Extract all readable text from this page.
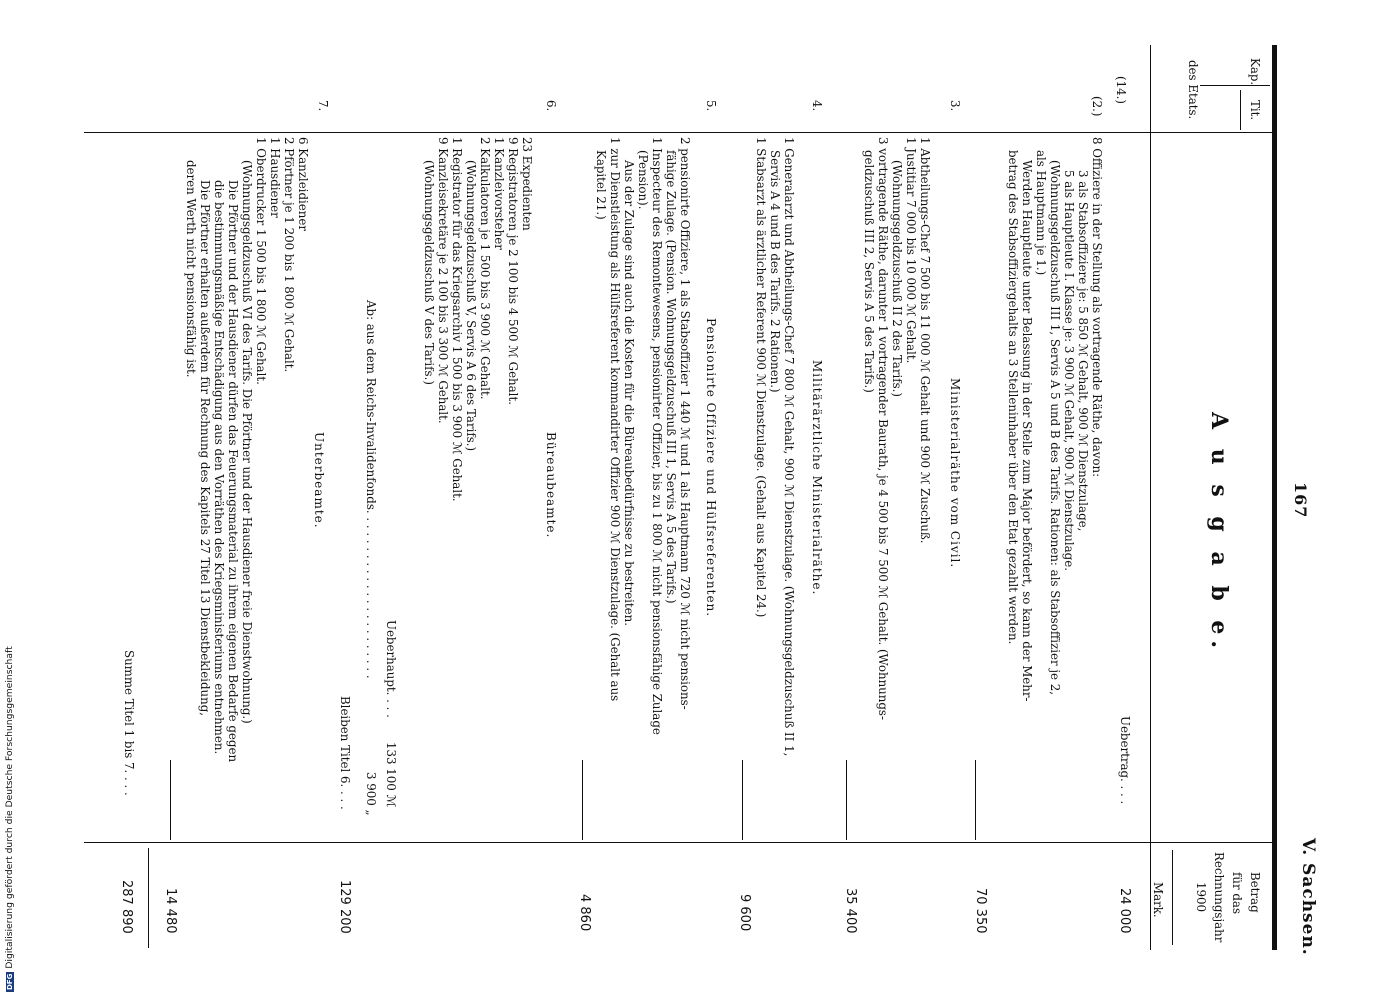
167
V. Sachsen.
A u s g a b e.
Kap.
Tit.
des Etats.
Betrag
für das
Rechnungsjahr
1900
Mark.
(14.)
(2.)
8 Offiziere in der Stellung als vortragende Räthe, davon:
3 als Stabsoffiziere je: 5 850 ℳ Gehalt, 900 ℳ Dienstzulage,
5 als Hauptleute I. Klasse je: 3 900 ℳ Gehalt, 900 ℳ Dienstzulage.
(Wohnungsgeldzuschuß III 1, Servis A 5 und B des Tarifs. Rationen: als Stabsoffizier je 2,
als Hauptmann je 1.)
Werden Hauptleute unter Belassung in der Stelle zum Major befördert, so kann der Mehr-
betrag des Stabsoffiziergehalts an 3 Stelleninhaber über den Etat gezahlt werden.
Uebertrag. . . .
24 000
70 350
3.
Ministerialräthe vom Civil.
1 Abtheilungs-Chef 7 500 bis 11 000 ℳ Gehalt und 900 ℳ Zuschuß.
1 Justitiar 7 000 bis 10 000 ℳ Gehalt.
(Wohnungsgeldzuschuß II 2 des Tarifs.)
3 vortragende Räthe, darunter 1 vortragender Baurath, je 4 500 bis 7 500 ℳ Gehalt. (Wohnungs-
geldzuschuß III 2, Servis A 5 des Tarifs.)
35 400
4.
Militärärztliche Ministerialräthe.
1 Generalarzt und Abtheilungs-Chef 7 800 ℳ Gehalt, 900 ℳ Dienstzulage. (Wohnungsgeldzuschuß II 1,
Servis A 4 und B des Tarifs. 2 Rationen.)
1 Stabsarzt als ärztlicher Referent 900 ℳ Dienstzulage. (Gehalt aus Kapitel 24.)
9 600
5.
Pensionirte Offiziere und Hülfsreferenten.
2 pensionirte Offiziere, 1 als Stabsoffizier 1 440 ℳ und 1 als Hauptmann 720 ℳ nicht pensions-
fähige Zulage. (Pension. Wohnungsgeldzuschuß III 1, Servis A 5 des Tarifs.)
1 Inspecteur des Remontewesens, pensionirter Offizier, bis zu 1 800 ℳ nicht pensionsfähige Zulage
(Pension).
Aus der Zulage sind auch die Kosten für die Büreaubedürfnisse zu bestreiten.
1 zur Dienstleistung als Hülfsreferent kommandirter Offizier 900 ℳ Dienstzulage. (Gehalt aus
Kapitel 21.)
4 860
6.
Büreaubeamte.
23 Expedienten
9 Registratoren je 2 100 bis 4 500 ℳ Gehalt.
1 Kanzleivorsteher
2 Kalkulatoren je 1 500 bis 3 900 ℳ Gehalt.
(Wohnungsgeldzuschuß V, Servis A 6 des Tarifs.)
1 Registrator für das Kriegsarchiv 1 500 bis 3 900 ℳ Gehalt.
9 Kanzleisekretäre je 2 100 bis 3 300 ℳ Gehalt.
(Wohnungsgeldzuschuß V des Tarifs.)
Ueberhaupt. . . .
133 100 ℳ
Ab: aus dem Reichs-Invalidenfonds. . . . . . . . . . . . . . . . . . . . . . .
3 900 „
Bleiben Titel 6. . . .
129 200
7.
Unterbeamte.
6 Kanzleidiener
2 Pförtner je 1 200 bis 1 800 ℳ Gehalt.
1 Hausdiener
1 Oberdrucker 1 500 bis 1 800 ℳ Gehalt.
(Wohnungsgeldzuschuß VI des Tarifs. Die Pförtner und der Hausdiener freie Dienstwohnung.)
Die Pförtner und der Hausdiener dürfen das Feuerungsmaterial zu ihrem eigenen Bedarfe gegen
die bestimmungsmäßige Entschädigung aus den Vorräthen des Kriegsministeriums entnehmen.
Die Pförtner erhalten außerdem für Rechnung des Kapitels 27 Titel 13 Dienstbekleidung,
deren Werth nicht pensionsfähig ist.
14 480
Summe Titel 1 bis 7. . . .
287 890
DFGDigitalisierung gefördert durch die Deutsche Forschungsgemeinschaft
